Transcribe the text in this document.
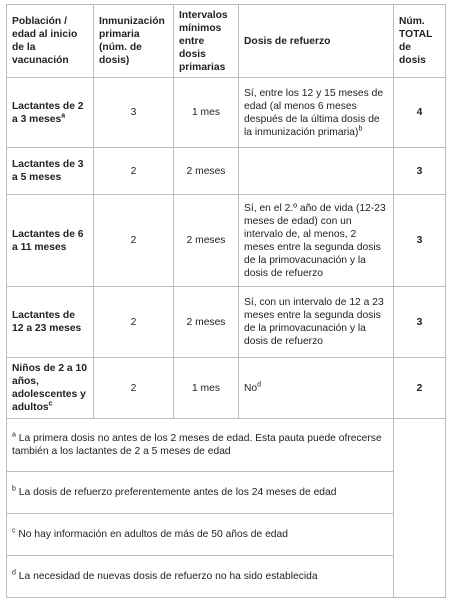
Población / edad al inicio de la vacunación	Inmunización primaria (núm. de dosis)	Intervalos mínimos entre dosis primarias	Dosis de refuerzo	Núm. TOTAL de dosis
Lactantes de 2 a 3 meses$^a$	3	1 mes	Sí, entre los 12 y 15 meses de edad (al menos 6 meses después de la última dosis de la inmunización primaria)$^b$	4
Lactantes de 3 a 5 meses	2	2 meses		3
Lactantes de 6 a 11 meses	2	2 meses	Sí, en el 2.º año de vida (12-23 meses de edad) con un intervalo de, al menos, 2 meses entre la segunda dosis de la primovacunación y la dosis de refuerzo	3
Lactantes de 12 a 23 meses	2	2 meses	Sí, con un intervalo de 12 a 23 meses entre la segunda dosis de la primovacunación y la dosis de refuerzo	3
Niños de 2 a 10 años, adolescentes y adultos$^c$	2	1 mes	No$^d$	2
$^a$ La primera dosis no antes de los 2 meses de edad. Esta pauta puede ofrecerse también a los lactantes de 2 a 5 meses de edad				
$^b$ La dosis de refuerzo preferentemente antes de los 24 meses de edad				
$^c$ No hay información en adultos de más de 50 años de edad				
$^d$ La necesidad de nuevas dosis de refuerzo no ha sido establecida				
